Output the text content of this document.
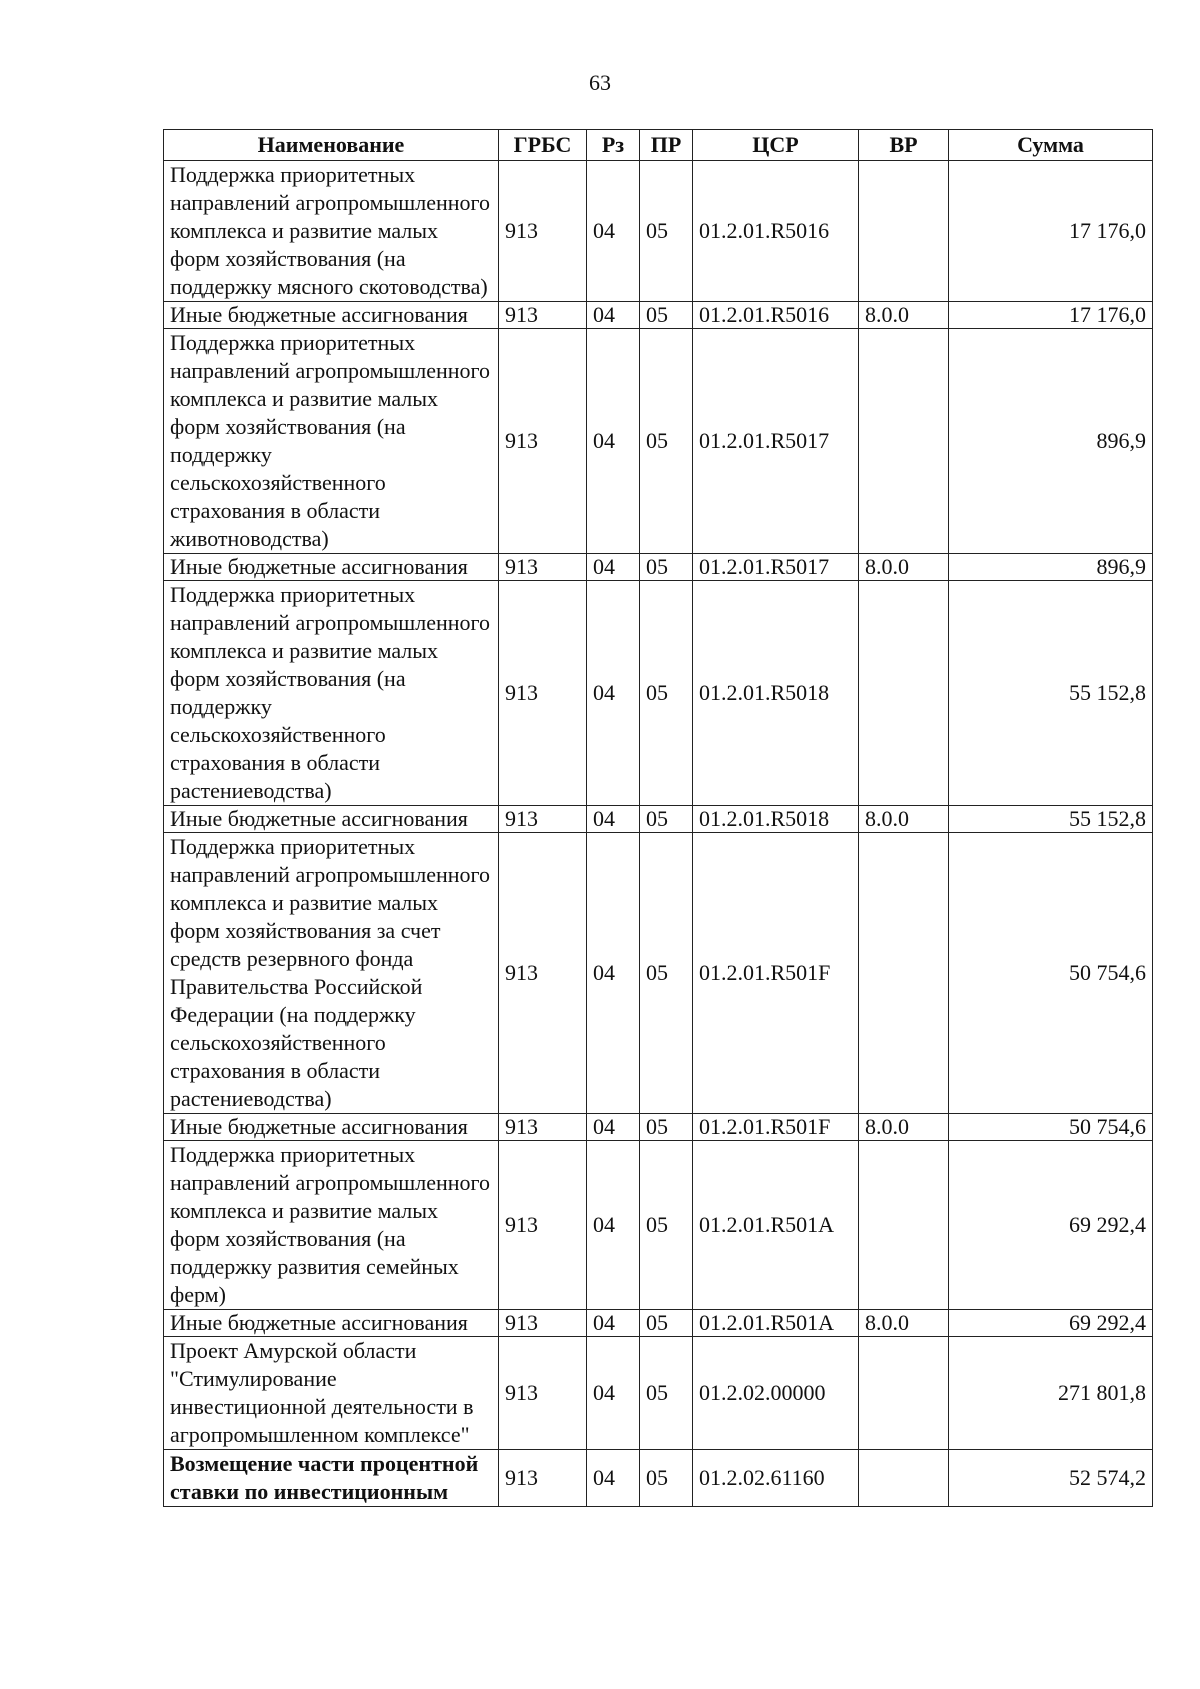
63
Наименование	ГРБС	Рз	ПР	ЦСР	ВР	Сумма
Поддержка приоритетных направлений агропромышленного комплекса и развитие малых форм хозяйствования (на поддержку мясного скотоводства)	913	04	05	01.2.01.R5016		17 176,0
Иные бюджетные ассигнования	913	04	05	01.2.01.R5016	8.0.0	17 176,0
Поддержка приоритетных направлений агропромышленного комплекса и развитие малых форм хозяйствования (на поддержку сельскохозяйственного страхования в области животноводства)	913	04	05	01.2.01.R5017		896,9
Иные бюджетные ассигнования	913	04	05	01.2.01.R5017	8.0.0	896,9
Поддержка приоритетных направлений агропромышленного комплекса и развитие малых форм хозяйствования (на поддержку сельскохозяйственного страхования в области растениеводства)	913	04	05	01.2.01.R5018		55 152,8
Иные бюджетные ассигнования	913	04	05	01.2.01.R5018	8.0.0	55 152,8
Поддержка приоритетных направлений агропромышленного комплекса и развитие малых форм хозяйствования за счет средств резервного фонда Правительства Российской Федерации (на поддержку сельскохозяйственного страхования в области растениеводства)	913	04	05	01.2.01.R501F		50 754,6
Иные бюджетные ассигнования	913	04	05	01.2.01.R501F	8.0.0	50 754,6
Поддержка приоритетных направлений агропромышленного комплекса и развитие малых форм хозяйствования (на поддержку развития семейных ферм)	913	04	05	01.2.01.R501A		69 292,4
Иные бюджетные ассигнования	913	04	05	01.2.01.R501A	8.0.0	69 292,4
Проект Амурской области "Стимулирование инвестиционной деятельности в агропромышленном комплексе"	913	04	05	01.2.02.00000		271 801,8
Возмещение части процентной ставки по инвестиционным	913	04	05	01.2.02.61160		52 574,2
